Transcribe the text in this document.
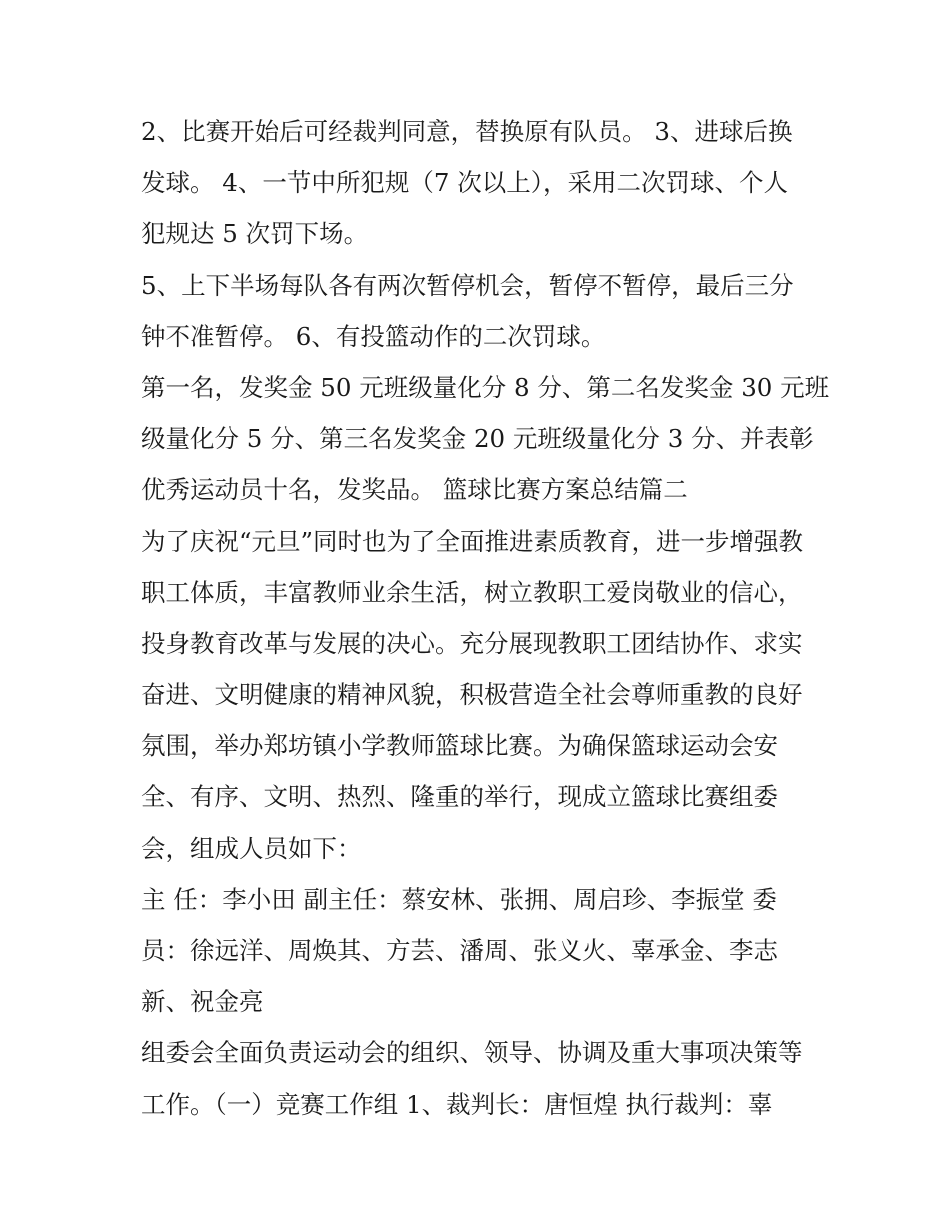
2、比赛开始后可经裁判同意，替换原有队员。 3、进球后换
发球。 4、一节中所犯规（7 次以上），采用二次罚球、个人
犯规达 5 次罚下场。
5、上下半场每队各有两次暂停机会，暂停不暂停，最后三分
钟不准暂停。 6、有投篮动作的二次罚球。
第一名，发奖金 50 元班级量化分 8 分、第二名发奖金 30 元班
级量化分 5 分、第三名发奖金 20 元班级量化分 3 分、并表彰
优秀运动员十名，发奖品。 篮球比赛方案总结篇二
为了庆祝“元旦”同时也为了全面推进素质教育，进一步增强教
职工体质，丰富教师业余生活，树立教职工爱岗敬业的信心，
投身教育改革与发展的决心。充分展现教职工团结协作、求实
奋进、文明健康的精神风貌，积极营造全社会尊师重教的良好
氛围，举办郑坊镇小学教师篮球比赛。为确保篮球运动会安
全、有序、文明、热烈、隆重的举行，现成立篮球比赛组委
会，组成人员如下：
主 任：李小田 副主任：蔡安林、张拥、周启珍、李振堂 委
员：徐远洋、周焕其、方芸、潘周、张义火、辜承金、李志
新、祝金亮
组委会全面负责运动会的组织、领导、协调及重大事项决策等
工作。（一）竞赛工作组 1、裁判长：唐恒煌 执行裁判：辜
